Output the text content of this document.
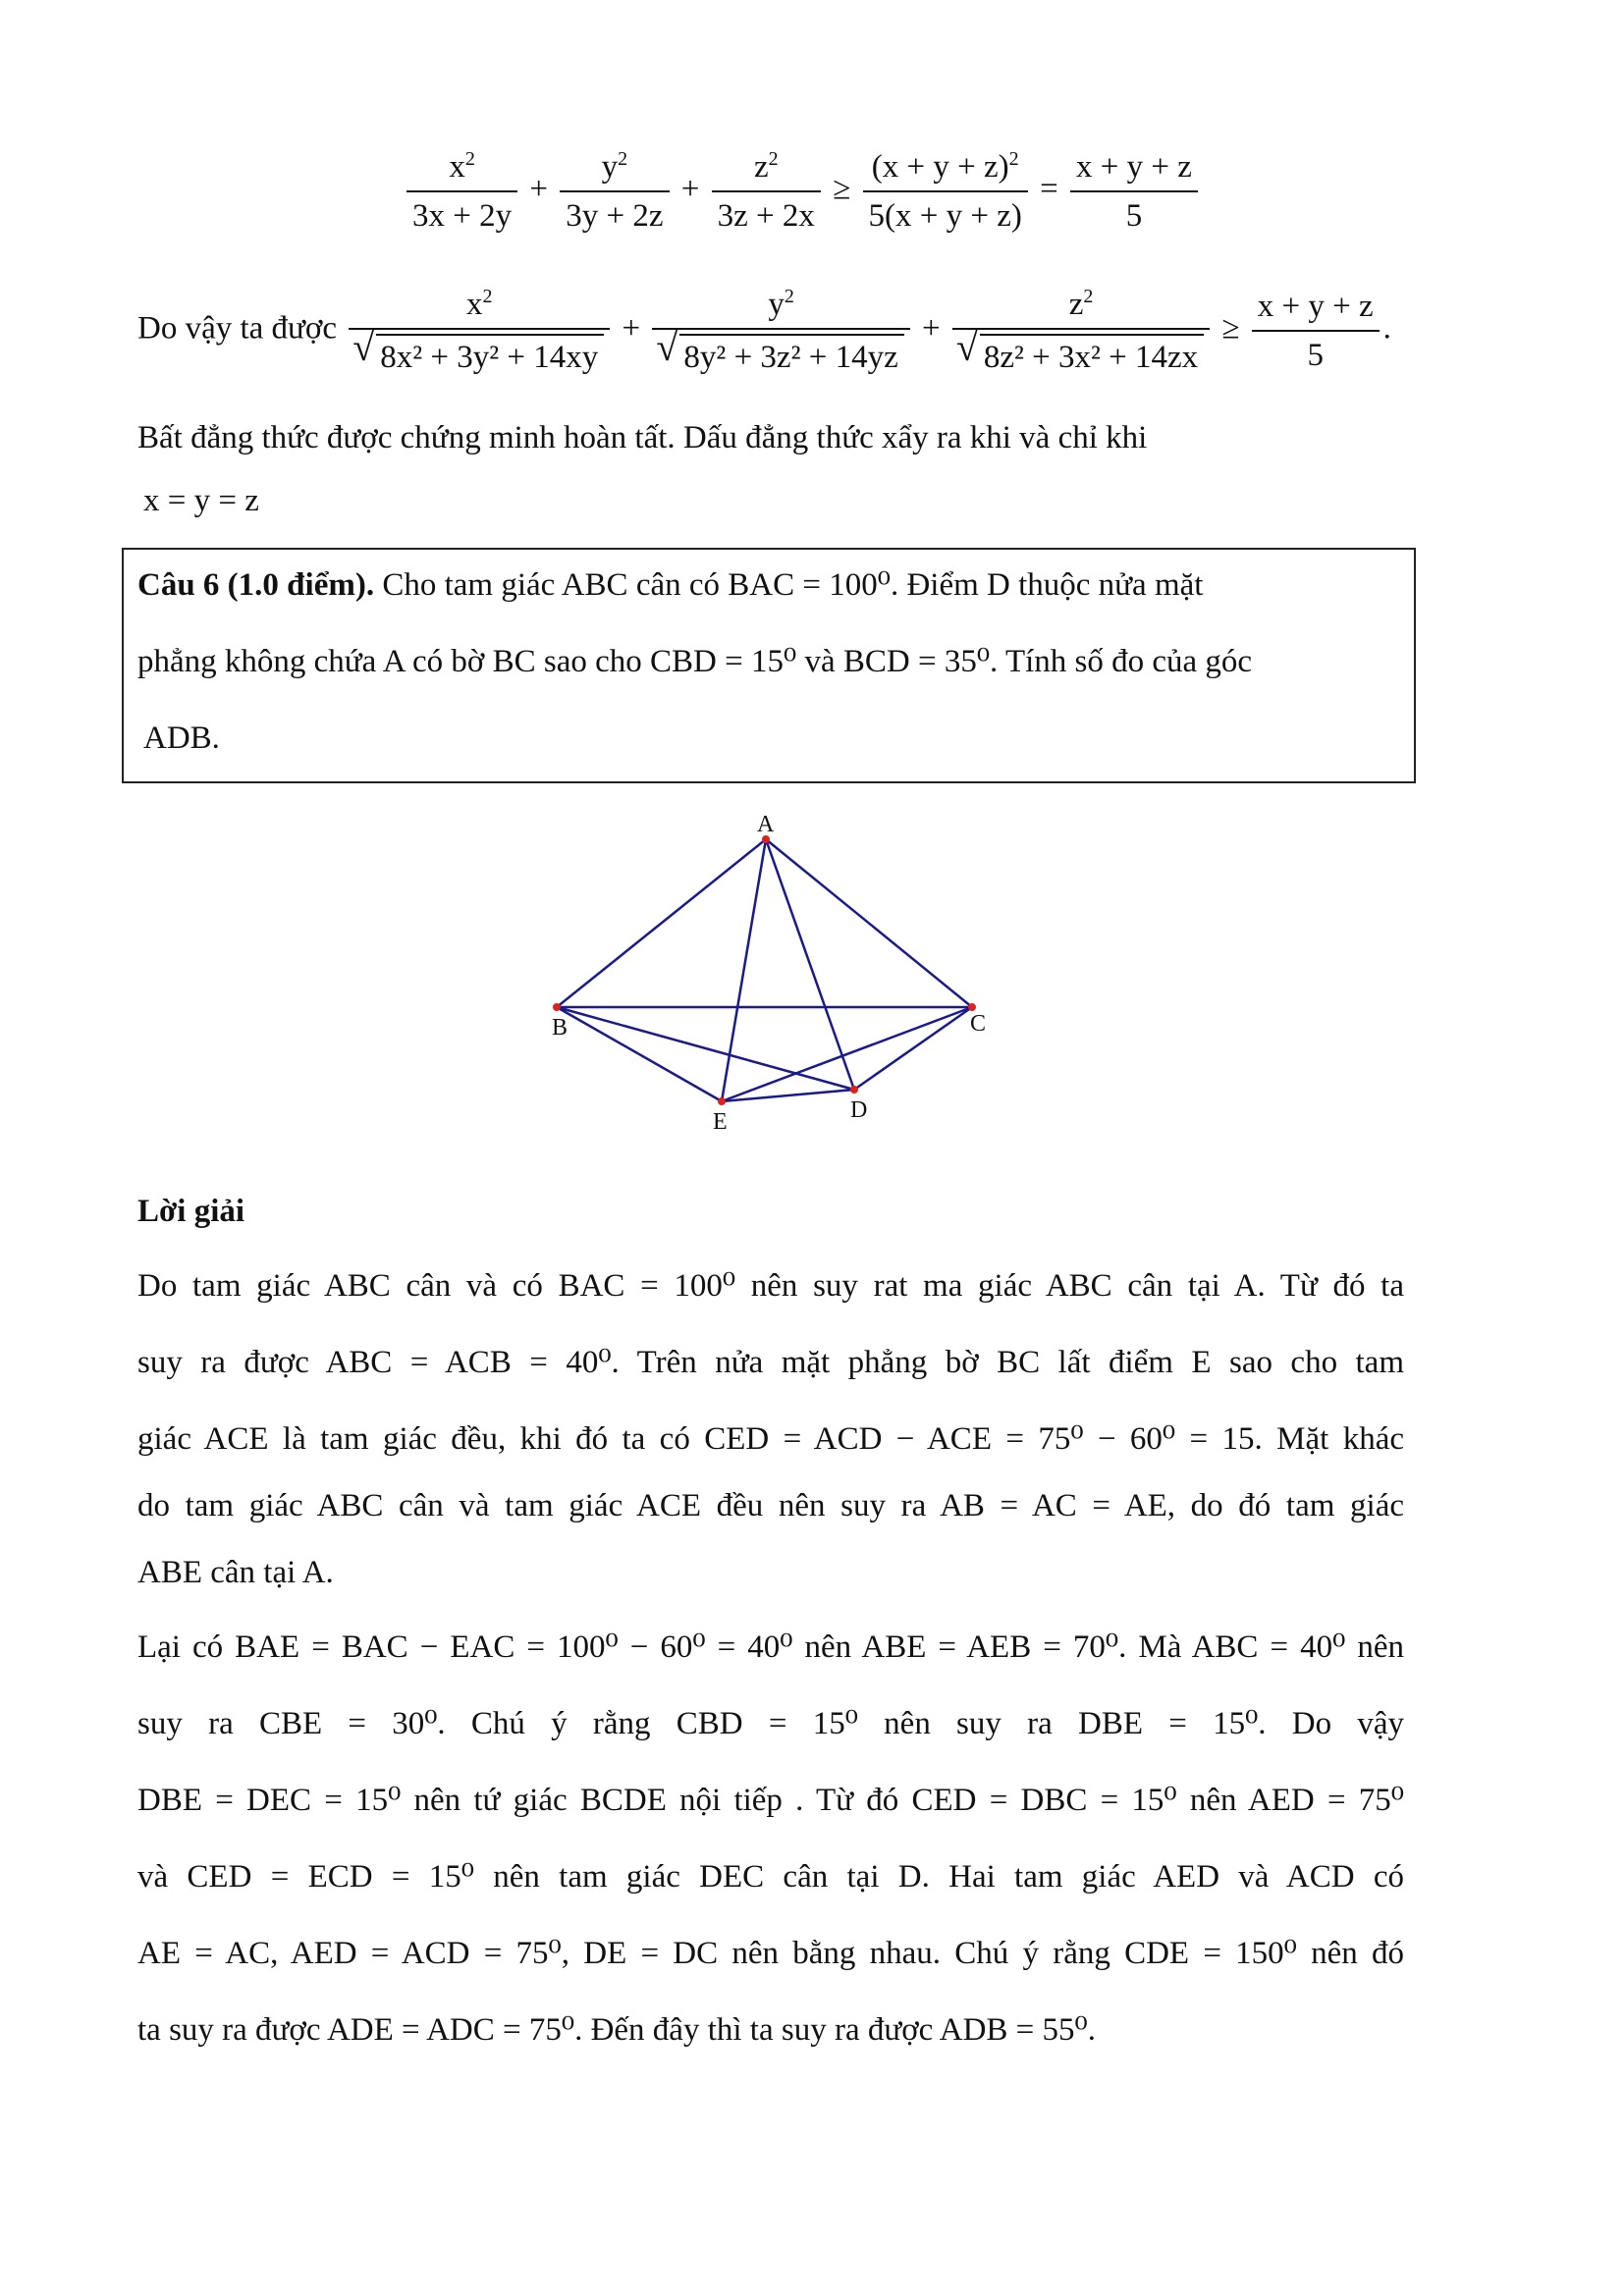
$\frac{x^2}{3x + 2y} + \frac{y^2}{3y + 2z} + \frac{z^2}{3z + 2x} \ge \frac{(x + y + z)^2}{5(x + y + z)} = \frac{x + y + z}{5}$
Do vậy ta được $x^2$
√ $8x^2 + 3y^2 + 14xy + y^2$
√ $8y^2 + 3z^2 + 14yz + z^2$
√ $8z^2 + 3x^2 + 14zx \ge \frac{x + y + z}{5}$ .
Bất đẳng thức được chứng minh hoàn tất. Dấu đẳng thức xẩy ra khi và chỉ khi
x = y = z
Câu 6 (1.0 điểm). Cho tam giác ABC cân có BAC = 100⁰. Điểm D thuộc nửa mặt
phẳng không chứa A có bờ BC sao cho CBD = 15⁰ và BCD = 35⁰. Tính số đo của góc
ADB.
A
B	C
D
E
Lời giải
Do tam giác ABC cân và có BAC = 100⁰ nên suy rat ma giác ABC cân tại A. Từ đó ta
suy ra được ABC = ACB = 40⁰. Trên nửa mặt phẳng bờ BC lất điểm E sao cho tam
giác ACE là tam giác đều, khi đó ta có CED = ACD − ACE = 75⁰ − 60⁰ = 15. Mặt khác
do tam giác ABC cân và tam giác ACE đều nên suy ra AB = AC = AE, do đó tam giác
ABE cân tại A.
Lại có BAE = BAC − EAC = 100⁰ − 60⁰ = 40⁰ nên ABE = AEB = 70⁰. Mà ABC = 40⁰ nên
suy ra CBE = 30⁰. Chú ý rằng CBD = 15⁰ nên suy ra DBE = 15⁰. Do vậy
DBE = DEC = 15⁰ nên tứ giác BCDE nội tiếp . Từ đó CED = DBC = 15⁰ nên AED = 75⁰
và CED = ECD = 15⁰ nên tam giác DEC cân tại D. Hai tam giác AED và ACD có
AE = AC, AED = ACD = 75⁰, DE = DC nên bằng nhau. Chú ý rằng CDE = 150⁰ nên đó
ta suy ra được ADE = ADC = 75⁰. Đến đây thì ta suy ra được ADB = 55⁰.
